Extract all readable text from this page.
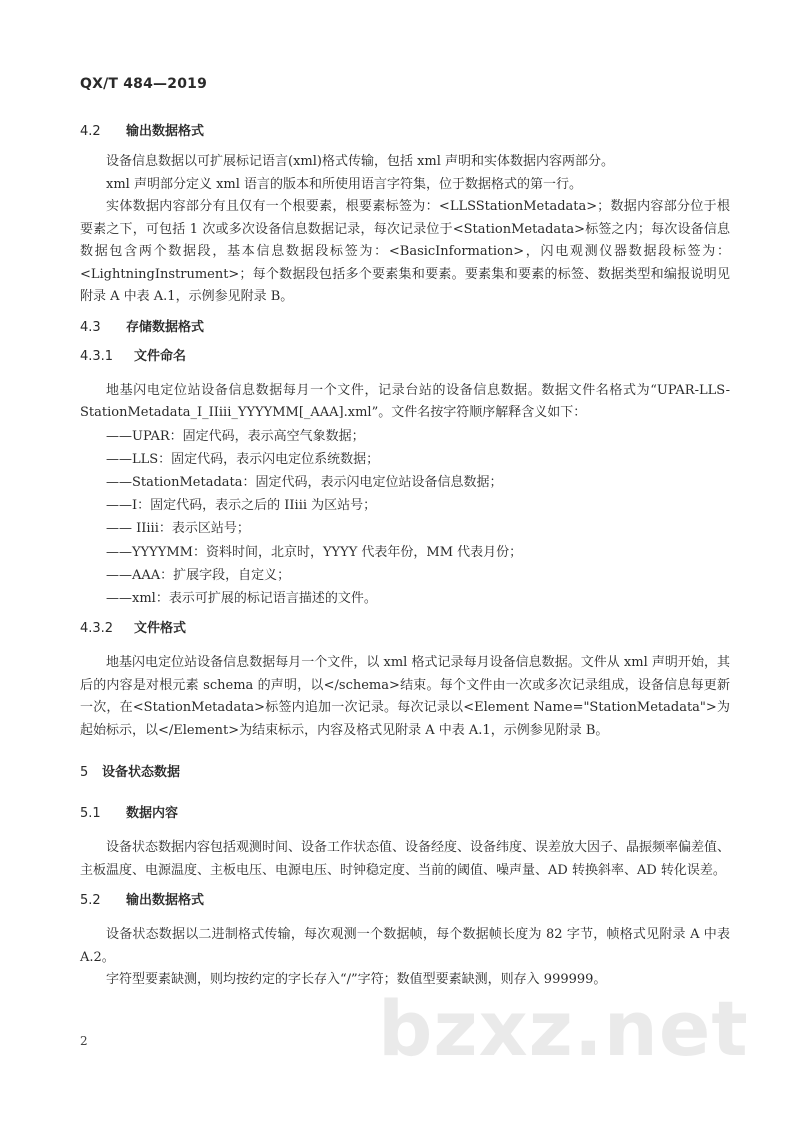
QX/T 484—2019
4.2 输出数据格式

设备信息数据以可扩展标记语言(xml)格式传输，包括 xml 声明和实体数据内容两部分。

xml 声明部分定义 xml 语言的版本和所使用语言字符集，位于数据格式的第一行。

实体数据内容部分有且仅有一个根要素，根要素标签为：<LLSStationMetadata>；数据内容部分位于根要素之下，可包括 1 次或多次设备信息数据记录，每次记录位于<StationMetadata>标签之内；每次设备信息数据包含两个数据段，基本信息数据段标签为：<BasicInformation>，闪电观测仪器数据段标签为：<LightningInstrument>；每个数据段包括多个要素集和要素。要素集和要素的标签、数据类型和编报说明见附录 A 中表 A.1，示例参见附录 B。

4.3 存储数据格式
4.3.1 文件命名

地基闪电定位站设备信息数据每月一个文件，记录台站的设备信息数据。数据文件名格式为“UPAR-LLS-StationMetadata_I_IIiii_YYYYMM[_AAA].xml”。文件名按字符顺序解释含义如下：

——UPAR：固定代码，表示高空气象数据；
——LLS：固定代码，表示闪电定位系统数据；
——StationMetadata：固定代码，表示闪电定位站设备信息数据；
——I：固定代码，表示之后的 IIiii 为区站号；
—— IIiii：表示区站号；
——YYYYMM：资料时间，北京时，YYYY 代表年份，MM 代表月份；
——AAA：扩展字段，自定义；
——xml：表示可扩展的标记语言描述的文件。
4.3.2 文件格式

地基闪电定位站设备信息数据每月一个文件，以 xml 格式记录每月设备信息数据。文件从 xml 声明开始，其后的内容是对根元素 schema 的声明，以</schema>结束。每个文件由一次或多次记录组成，设备信息每更新一次，在<StationMetadata>标签内追加一次记录。每次记录以<Element Name="StationMetadata">为起始标示，以</Element>为结束标示，内容及格式见附录 A 中表 A.1，示例参见附录 B。

5 设备状态数据
5.1 数据内容

设备状态数据内容包括观测时间、设备工作状态值、设备经度、设备纬度、误差放大因子、晶振频率偏差值、主板温度、电源温度、主板电压、电源电压、时钟稳定度、当前的阈值、噪声量、AD 转换斜率、AD 转化误差。

5.2 输出数据格式

设备状态数据以二进制格式传输，每次观测一个数据帧，每个数据帧长度为 82 字节，帧格式见附录 A 中表 A.2。

字符型要素缺测，则均按约定的字长存入“/”字符；数值型要素缺测，则存入 999999。

2	bzxz.net
